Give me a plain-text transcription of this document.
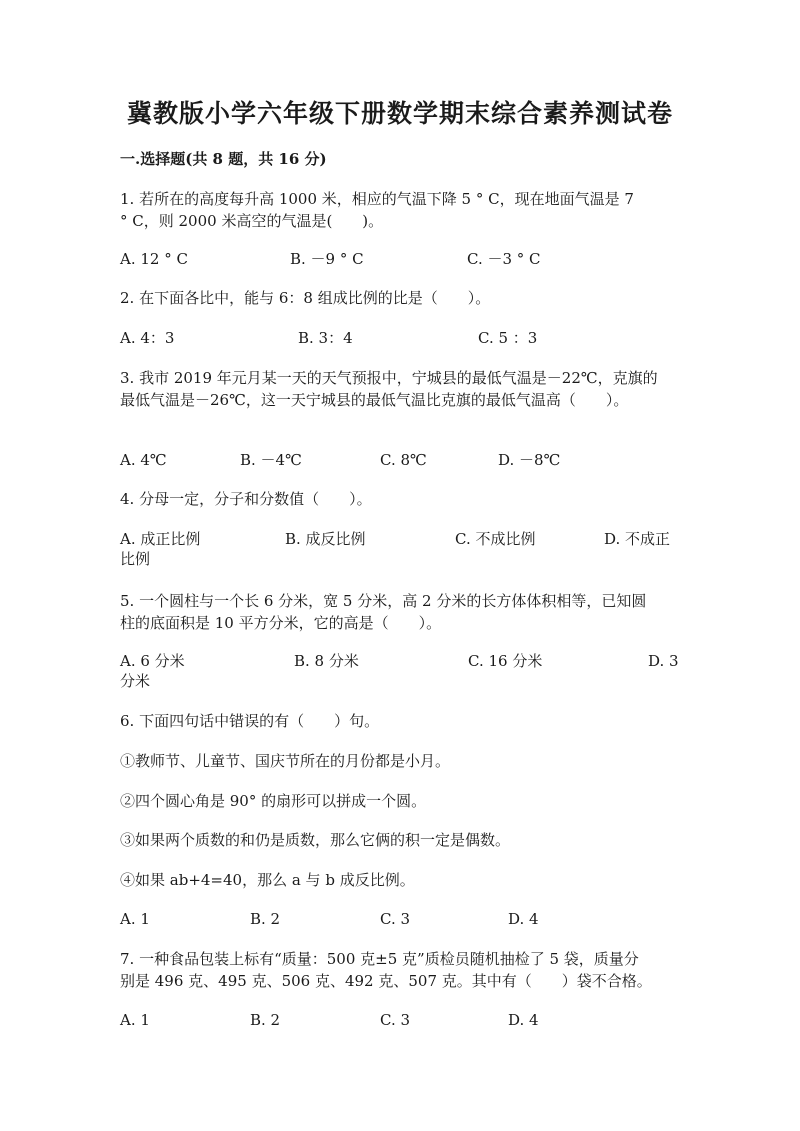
冀教版小学六年级下册数学期末综合素养测试卷
一.选择题(共 8 题，共 16 分)
1. 若所在的高度每升高 1000 米，相应的气温下降 5 ° C，现在地面气温是 7
° C，则 2000 米高空的气温是(　　)。
A. 12 ° C	B. －9 ° C	C. －3 ° C
2. 在下面各比中，能与 6：8 组成比例的比是（　　）。
A. 4：3	B. 3：4	C. 5 ：3
3. 我市 2019 年元月某一天的天气预报中，宁城县的最低气温是－22℃，克旗的
最低气温是－26℃，这一天宁城县的最低气温比克旗的最低气温高（　　）。
A. 4℃	B. －4℃	C. 8℃	D. －8℃
4. 分母一定，分子和分数值（　　）。
A. 成正比例	B. 成反比例	C. 不成比例	D. 不成正
比例
5. 一个圆柱与一个长 6 分米，宽 5 分米，高 2 分米的长方体体积相等，已知圆
柱的底面积是 10 平方分米，它的高是（　　）。
A. 6 分米	B. 8 分米	C. 16 分米	D. 3
分米
6. 下面四句话中错误的有（　　）句。
①教师节、儿童节、国庆节所在的月份都是小月。
②四个圆心角是 90° 的扇形可以拼成一个圆。
③如果两个质数的和仍是质数，那么它俩的积一定是偶数。
④如果 ab+4=40，那么 a 与 b 成反比例。
A. 1	B. 2	C. 3	D. 4
7. 一种食品包装上标有“质量：500 克±5 克”质检员随机抽检了 5 袋，质量分
别是 496 克、495 克、506 克、492 克、507 克。其中有（　　）袋不合格。
A. 1	B. 2	C. 3	D. 4
